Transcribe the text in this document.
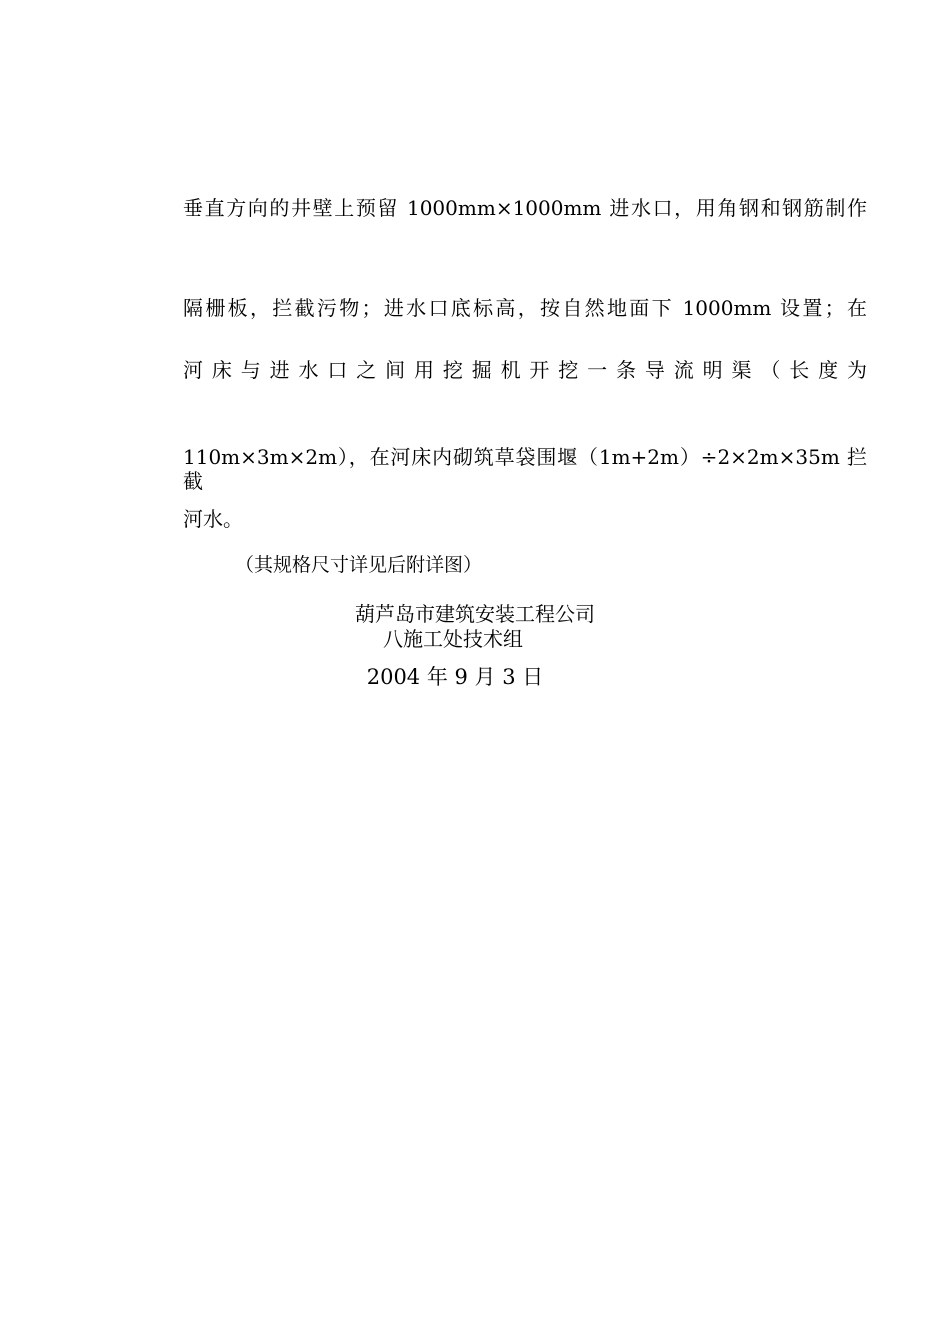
垂直方向的井壁上预留 1000mm×1000mm 进水口，用角钢和钢筋制作
隔栅板，拦截污物；进水口底标高，按自然地面下 1000mm 设置；在
河床与进水口之间用挖掘机开挖一条导流明渠（长度为
110m×3m×2m），在河床内砌筑草袋围堰（1m+2m）÷2×2m×35m 拦截
河水。
（其规格尺寸详见后附详图）
葫芦岛市建筑安装工程公司
八施工处技术组
2004 年 9 月 3 日
